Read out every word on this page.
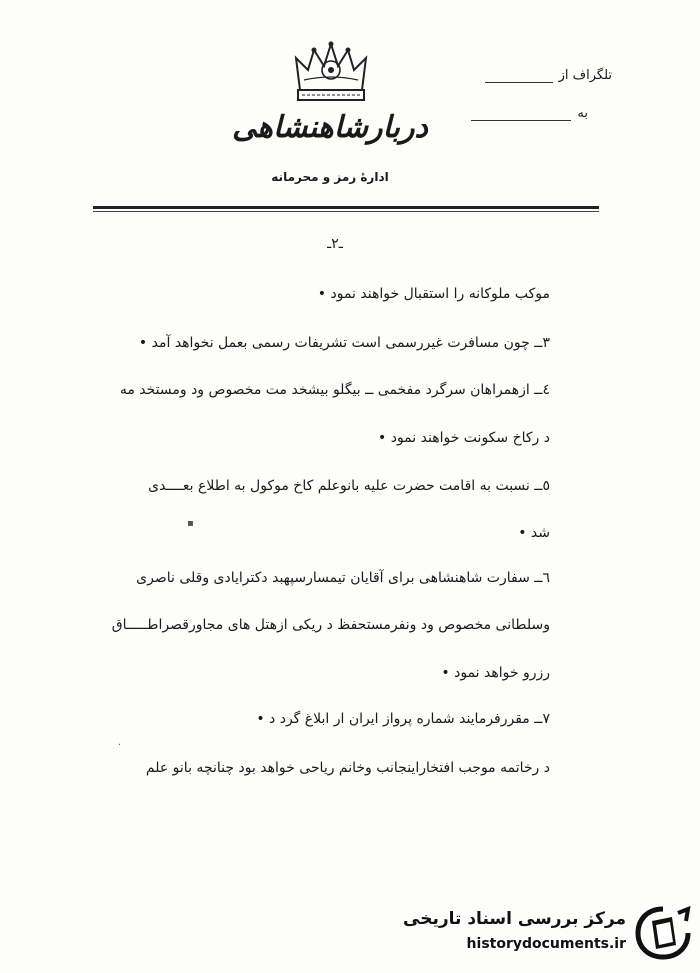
دربارشاهنشاهی
ادارهٔ رمز و محرمانه
تلگراف از
به
ـ٢ـ
موکب ملوکانه را استقبال خواهند نمود •
٣ــ چون مسافرت غیررسمی است تشریفات رسمی بعمل نخواهد آمد •
٤ــ ازهمراهان سرگرد مفخمی ــ بیگلو بیشخد مت مخصوص ود ومستخد مه
د رکاخ سکونت خواهند نمود •
٥ــ نسبت به اقامت حضرت علیه بانوعلم کاخ موکول به اطلاع بعــــدی
شد •
٦ــ سفارت شاهنشاهی برای آقایان تیمسارسپهبد دکترایادی وقلی ناصری
وسلطانی مخصوص ود ونفرمستحفظ د ریکی ازهتل های مجاورقصراطـــــاق
رزرو خواهد نمود •
٧ــ مقررفرمایند شماره پرواز ایران ار ابلاغ گرد د •
د رخاتمه موجب افتخاراینجانب وخانم ریاحی خواهد بود چنانچه بانو علم
▪
·
مرکز بررسی اسناد تاریخی
historydocuments.ir
